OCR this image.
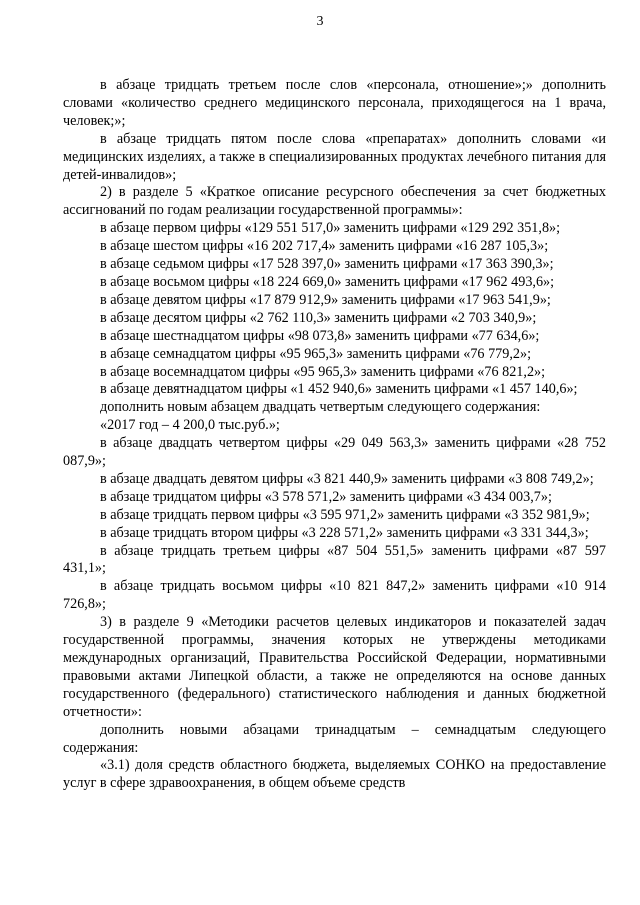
3

в абзаце тридцать третьем после слов «персонала, отношение»;» дополнить словами «количество среднего медицинского персонала, приходящегося на 1 врача, человек;»;

в абзаце тридцать пятом после слова «препаратах» дополнить словами «и медицинских изделиях, а также в специализированных продуктах лечебного питания для детей-инвалидов»;

2) в разделе 5 «Краткое описание ресурсного обеспечения за счет бюджетных ассигнований по годам реализации государственной программы»:

в абзаце первом цифры «129 551 517,0» заменить цифрами «129 292 351,8»;

в абзаце шестом цифры «16 202 717,4» заменить цифрами «16 287 105,3»;

в абзаце седьмом цифры «17 528 397,0» заменить цифрами «17 363 390,3»;

в абзаце восьмом цифры «18 224 669,0» заменить цифрами «17 962 493,6»;

в абзаце девятом цифры «17 879 912,9» заменить цифрами «17 963 541,9»;

в абзаце десятом цифры «2 762 110,3» заменить цифрами «2 703 340,9»;

в абзаце шестнадцатом цифры «98 073,8» заменить цифрами «77 634,6»;

в абзаце семнадцатом цифры «95 965,3» заменить цифрами «76 779,2»;

в абзаце восемнадцатом цифры «95 965,3» заменить цифрами «76 821,2»;

в абзаце девятнадцатом цифры «1 452 940,6» заменить цифрами «1 457 140,6»;

дополнить новым абзацем двадцать четвертым следующего содержания:

«2017 год – 4 200,0 тыс.руб.»;

в абзаце двадцать четвертом цифры «29 049 563,3» заменить цифрами «28 752 087,9»;

в абзаце двадцать девятом цифры «3 821 440,9» заменить цифрами «3 808 749,2»;

в абзаце тридцатом цифры «3 578 571,2» заменить цифрами «3 434 003,7»;

в абзаце тридцать первом цифры «3 595 971,2» заменить цифрами «3 352 981,9»;

в абзаце тридцать втором цифры «3 228 571,2» заменить цифрами «3 331 344,3»;

в абзаце тридцать третьем цифры «87 504 551,5» заменить цифрами «87 597 431,1»;

в абзаце тридцать восьмом цифры «10 821 847,2» заменить цифрами «10 914 726,8»;

3) в разделе 9 «Методики расчетов целевых индикаторов и показателей задач государственной программы, значения которых не утверждены методиками международных организаций, Правительства Российской Федерации, нормативными правовыми актами Липецкой области, а также не определяются на основе данных государственного (федерального) статистического наблюдения и данных бюджетной отчетности»:

дополнить новыми абзацами тринадцатым – семнадцатым следующего содержания:

«3.1) доля средств областного бюджета, выделяемых СОНКО на предоставление услуг в сфере здравоохранения, в общем объеме средств
